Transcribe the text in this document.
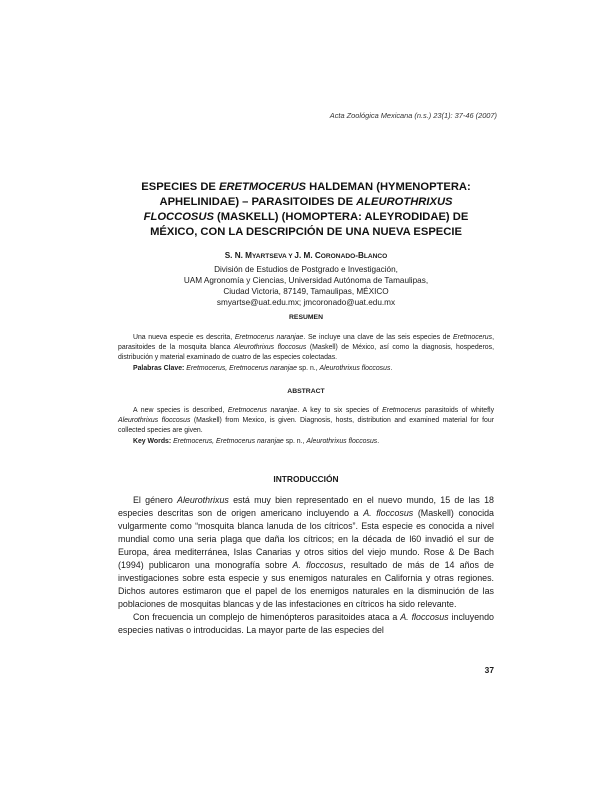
Acta Zoológica Mexicana (n.s.) 23(1): 37-46 (2007)
ESPECIES DE ERETMOCERUS HALDEMAN (HYMENOPTERA:
APHELINIDAE) – PARASITOIDES DE ALEUROTHRIXUS
FLOCCOSUS (MASKELL) (HOMOPTERA: ALEYRODIDAE) DE
MÉXICO, CON LA DESCRIPCIÓN DE UNA NUEVA ESPECIE
S. N. MYARTSEVA Y J. M. CORONADO-BLANCO
División de Estudios de Postgrado e Investigación,
UAM Agronomía y Ciencias, Universidad Autónoma de Tamaulipas,
Ciudad Victoria, 87149, Tamaulipas, MÉXICO
smyartse@uat.edu.mx; jmcoronado@uat.edu.mx
RESUMEN

Una nueva especie es descrita, Eretmocerus naranjae. Se incluye una clave de las seis especies de Eretmocerus, parasitoides de la mosquita blanca Aleurothrixus floccosus (Maskell) de México, así como la diagnosis, hospederos, distribución y material examinado de cuatro de las especies colectadas.

Palabras Clave: Eretmocerus, Eretmocerus naranjae sp. n., Aleurothrixus floccosus.

ABSTRACT

A new species is described, Eretmocerus naranjae. A key to six species of Eretmocerus parasitoids of whitefly Aleurothrixus floccosus (Maskell) from Mexico, is given. Diagnosis, hosts, distribution and examined material for four collected species are given.

Key Words: Eretmocerus, Eretmocerus naranjae sp. n., Aleurothrixus floccosus.

INTRODUCCIÓN

El género Aleurothrixus está muy bien representado en el nuevo mundo, 15 de las 18 especies descritas son de origen americano incluyendo a A. floccosus (Maskell) conocida vulgarmente como “mosquita blanca lanuda de los cítricos”. Esta especie es conocida a nivel mundial como una seria plaga que daña los cítricos; en la década de l60 invadió el sur de Europa, área mediterránea, Islas Canarias y otros sitios del viejo mundo. Rose & De Bach (1994) publicaron una monografía sobre A. floccosus, resultado de más de 14 años de investigaciones sobre esta especie y sus enemigos naturales en California y otras regiones. Dichos autores estimaron que el papel de los enemigos naturales en la disminución de las poblaciones de mosquitas blancas y de las infestaciones en cítricos ha sido relevante.

Con frecuencia un complejo de himenópteros parasitoides ataca a A. floccosus incluyendo especies nativas o introducidas. La mayor parte de las especies del

37
